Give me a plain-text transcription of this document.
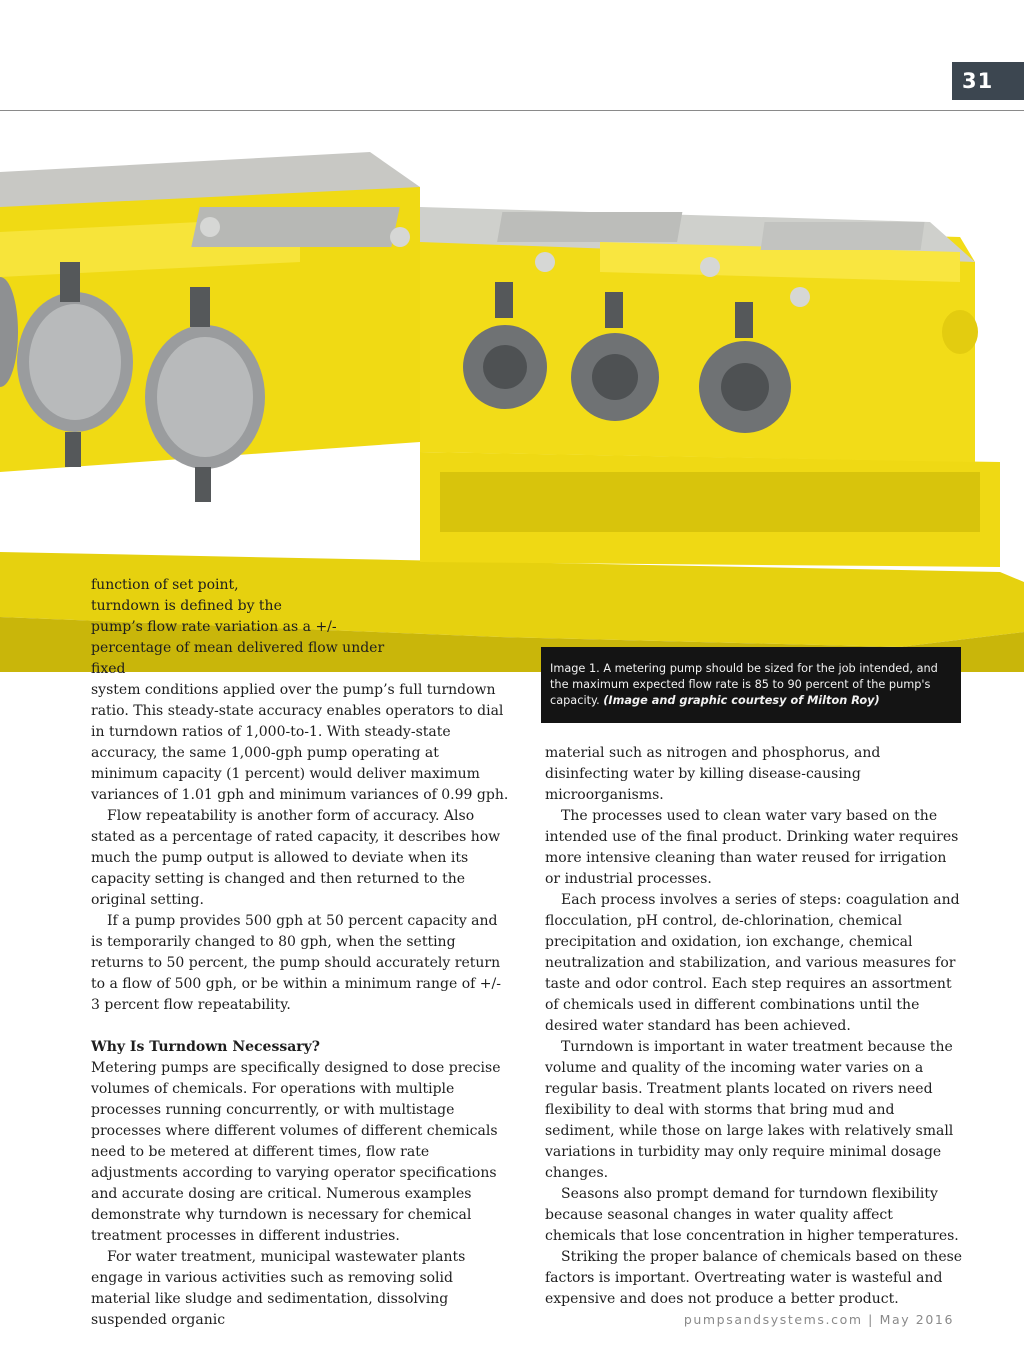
31
Image 1. A metering pump should be sized for the job intended, and the maximum expected flow rate is 85 to 90 percent of the pump's capacity. (Image and graphic courtesy of Milton Roy)

function of set point,

turndown is defined by the

pump’s flow rate variation as a +/-

percentage of mean delivered flow under fixed

system conditions applied over the pump’s full turndown ratio. This steady-state accuracy enables operators to dial in turndown ratios of 1,000-to-1. With steady-state accuracy, the same 1,000-gph pump operating at minimum capacity (1 percent) would deliver maximum variances of 1.01 gph and minimum variances of 0.99 gph.

Flow repeatability is another form of accuracy. Also stated as a percentage of rated capacity, it describes how much the pump output is allowed to deviate when its capacity setting is changed and then returned to the original setting.

If a pump provides 500 gph at 50 percent capacity and is temporarily changed to 80 gph, when the setting returns to 50 percent, the pump should accurately return to a flow of 500 gph, or be within a minimum range of +/- 3 percent flow repeatability.

Why Is Turndown Necessary?

Metering pumps are specifically designed to dose precise volumes of chemicals. For operations with multiple processes running concurrently, or with multistage processes where different volumes of different chemicals need to be metered at different times, flow rate adjustments according to varying operator specifications and accurate dosing are critical. Numerous examples demonstrate why turndown is necessary for chemical treatment processes in different industries.

For water treatment, municipal wastewater plants engage in various activities such as removing solid material like sludge and sedimentation, dissolving suspended organic

material such as nitrogen and phosphorus, and disinfecting water by killing disease-causing microorganisms.

The processes used to clean water vary based on the intended use of the final product. Drinking water requires more intensive cleaning than water reused for irrigation or industrial processes.

Each process involves a series of steps: coagulation and flocculation, pH control, de-chlorination, chemical precipitation and oxidation, ion exchange, chemical neutralization and stabilization, and various measures for taste and odor control. Each step requires an assortment of chemicals used in different combinations until the desired water standard has been achieved.

Turndown is important in water treatment because the volume and quality of the incoming water varies on a regular basis. Treatment plants located on rivers need flexibility to deal with storms that bring mud and sediment, while those on large lakes with relatively small variations in turbidity may only require minimal dosage changes.

Seasons also prompt demand for turndown flexibility because seasonal changes in water quality affect chemicals that lose concentration in higher temperatures.

Striking the proper balance of chemicals based on these factors is important. Overtreating water is wasteful and expensive and does not produce a better product.

pumpsandsystems.com | May 2016
